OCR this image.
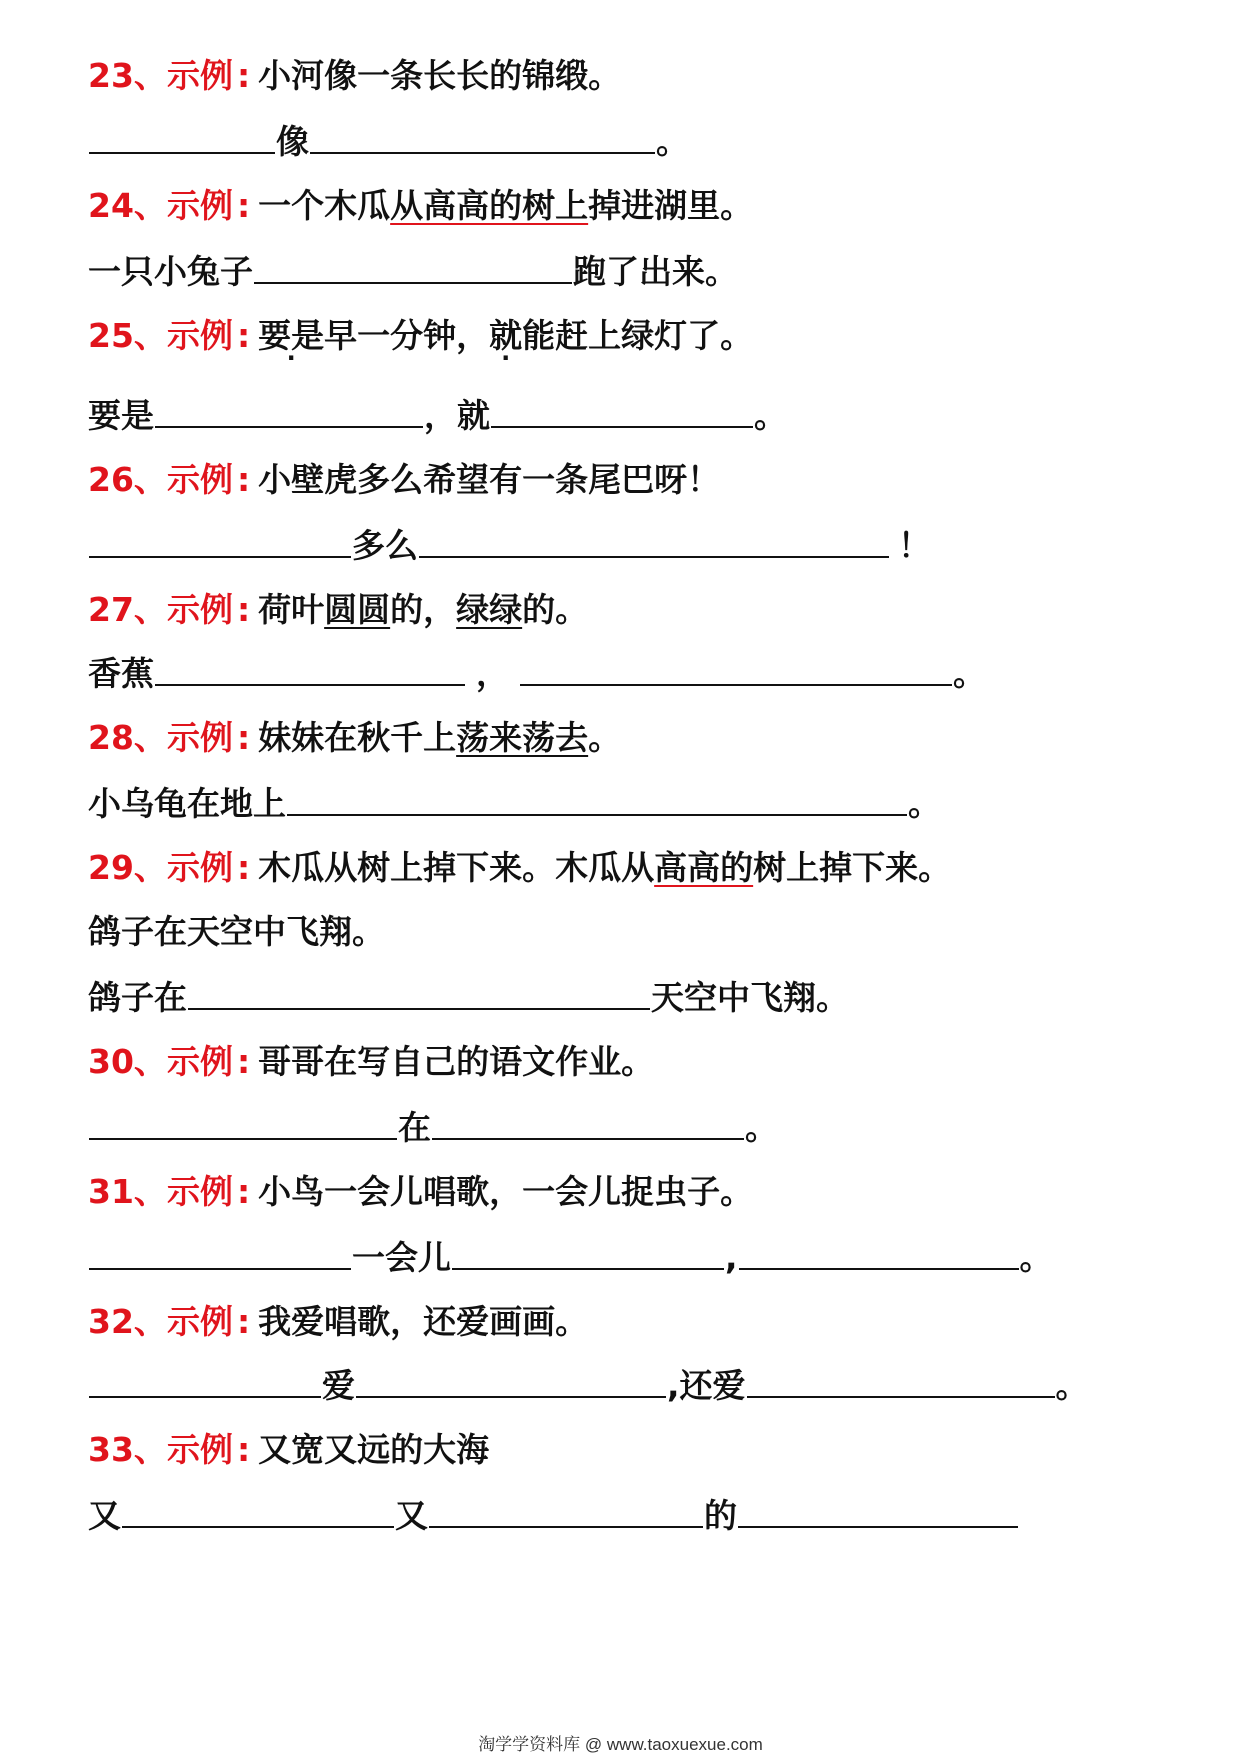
23、 示例 : 小河像一条长长的锦缎。
像	。
24、 示例 : 一个木瓜 从高高的树上 掉进湖里。
一只小兔子	跑了出来。
25、 示例 : 要是 · 早一分钟， 就 · 能赶上绿灯了。
要是	，就	。
26、 示例 : 小壁虎多么希望有一条尾巴呀！
多么	！
27、 示例 : 荷叶 圆圆 的， 绿绿 的。
香蕉	，	。
28、 示例 : 妹妹在秋千上 荡来荡去 。
小乌龟在地上	。
29、 示例 : 木瓜从树上掉下来。木瓜从 高高的 树上掉下来。
鸽子在天空中飞翔。
鸽子在	天空中飞翔。
30、 示例 : 哥哥在写自己的语文作业。
在	。
31、 示例 : 小鸟一会儿唱歌，一会儿捉虫子。
一会儿	,	。
32、 示例 : 我爱唱歌，还爱画画。
爱	,还爱	。
33、 示例 : 又宽又远的大海
又	又	的
淘学学资料库 @ www.taoxuexue.com
